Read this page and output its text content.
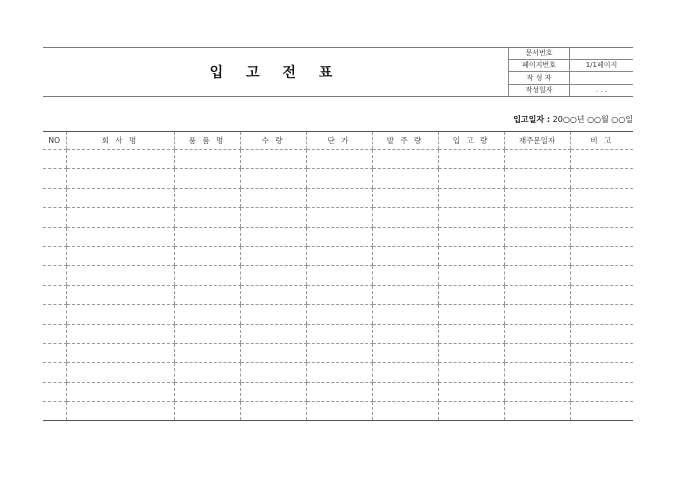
입 고 전 표
문서번호	
페이지번호	1/1페이지
작 성 자	
작성일자	. . .
입고일자 : 20○○년 ○○월 ○○일
NO	회 사 명	품 품 명	수 량	단 가	발 주 량	입 고 량	재주문일자	비 고
